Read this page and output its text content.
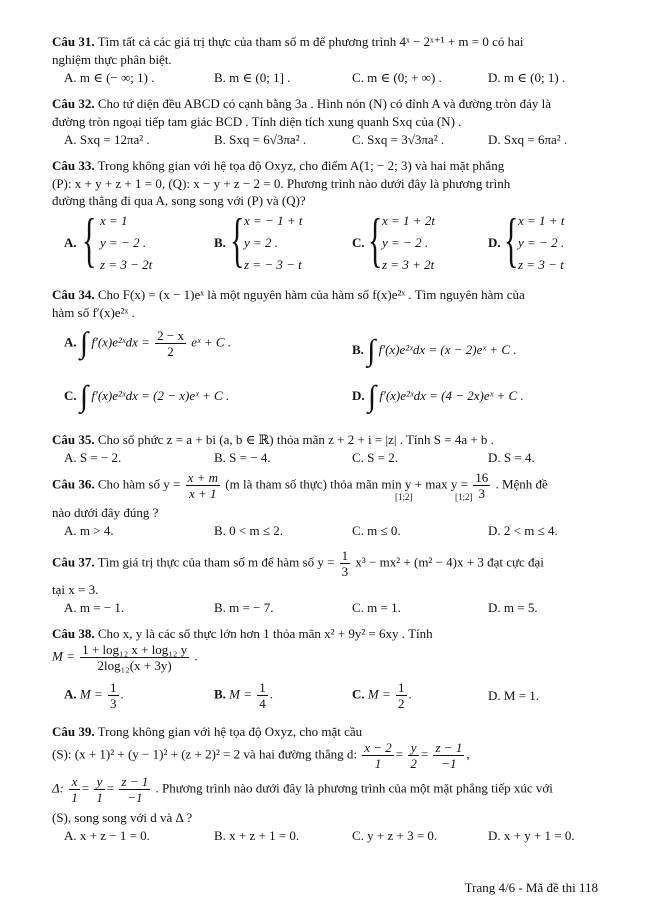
Câu 31. Tìm tất cả các giá trị thực của tham số m để phương trình 4ˣ − 2ˣ⁺¹ + m = 0 có hai
nghiệm thực phân biệt.
A. m ∈ (− ∞; 1) .	B. m ∈ (0; 1] .	C. m ∈ (0; + ∞) .	D. m ∈ (0; 1) .
Câu 32. Cho tứ diện đều ABCD có cạnh bằng 3a . Hình nón (N) có đỉnh A và đường tròn đáy là
đường tròn ngoại tiếp tam giác BCD . Tính diện tích xung quanh Sxq của (N) .
A. Sxq = 12πa² .	B. Sxq = 6√3πa² .	C. Sxq = 3√3πa² .	D. Sxq = 6πa² .
Câu 33. Trong không gian với hệ tọa độ Oxyz, cho điểm A(1; − 2; 3) và hai mặt phẳng
(P): x + y + z + 1 = 0, (Q): x − y + z − 2 = 0. Phương trình nào dưới đây là phương trình
đường thẳng đi qua A, song song với (P) và (Q)?
A. { x = 1
y = − 2 .
z = 3 − 2t
B. { x = − 1 + t
y = 2 .
z = − 3 − t
C. { x = 1 + 2t
y = − 2 .
z = 3 + 2t
D. { x = 1 + t
y = − 2 .
z = 3 − t
Câu 34. Cho F(x) = (x − 1)eˣ là một nguyên hàm của hàm số f(x)e²ˣ . Tìm nguyên hàm của
hàm số f′(x)e²ˣ .
A. ∫ f′(x)e²ˣdx = $\frac{2 - x}{2}$ eˣ + C .	B. ∫ f′(x)e²ˣdx = (x − 2)eˣ + C .
C. ∫ f′(x)e²ˣdx = (2 − x)eˣ + C .	D. ∫ f′(x)e²ˣdx = (4 − 2x)eˣ + C .
Câu 35. Cho số phức z = a + bi (a, b ∈ ℝ) thỏa mãn z + 2 + i = |z| . Tính S = 4a + b .
A. S = − 2.	B. S = − 4.	C. S = 2.	D. S = 4.
Câu 36. Cho hàm số $y = \frac{x + m}{x + 1} (m$ là tham số thực) thỏa mãn $\min y + \max y = \frac{16}{3}$ . Mệnh đề
[1;2]	[1;2]
nào dưới đây đúng ?
A. m > 4.	B. 0 < m ≤ 2.	C. m ≤ 0.	D. 2 < m ≤ 4.
Câu 37. Tìm giá trị thực của tham số m để hàm số $y = \frac{1}{3} x^3 - mx^2 + (m^2 - 4)x + 3$ đạt cực đại
tại x = 3.
A. m = − 1.	B. m = − 7.	C. m = 1.	D. m = 5.
Câu 38. Cho x, y là các số thực lớn hơn 1 thỏa mãn x² + 9y² = 6xy . Tính
$M = \frac{\text{1 + log₁₂ x + log₁₂ y}}{\text{2log₁₂(x + 3y)}}$ .
A. $M = \frac{1}{3}$ .	B. $M = \frac{1}{4}$ .	C. $M = \frac{1}{2}$ .	D. M = 1.
Câu 39. Trong không gian với hệ tọa độ Oxyz, cho mặt cầu
(S): (x + 1)² + (y − 1)² + (z + 2)² = 2 và hai đường thẳng d: $\frac{x - 2}{1} = \frac{y}{2} = \frac{z - 1}{-1}$ ,
Δ: $\frac{x}{1} = \frac{y}{1} = \frac{z - 1}{-1}$ . Phương trình nào dưới đây là phương trình của một mặt phẳng tiếp xúc với
(S), song song với d và Δ ?
A. x + z − 1 = 0.	B. x + z + 1 = 0.	C. y + z + 3 = 0.	D. x + y + 1 = 0.
Trang 4/6 - Mã đề thi 118
